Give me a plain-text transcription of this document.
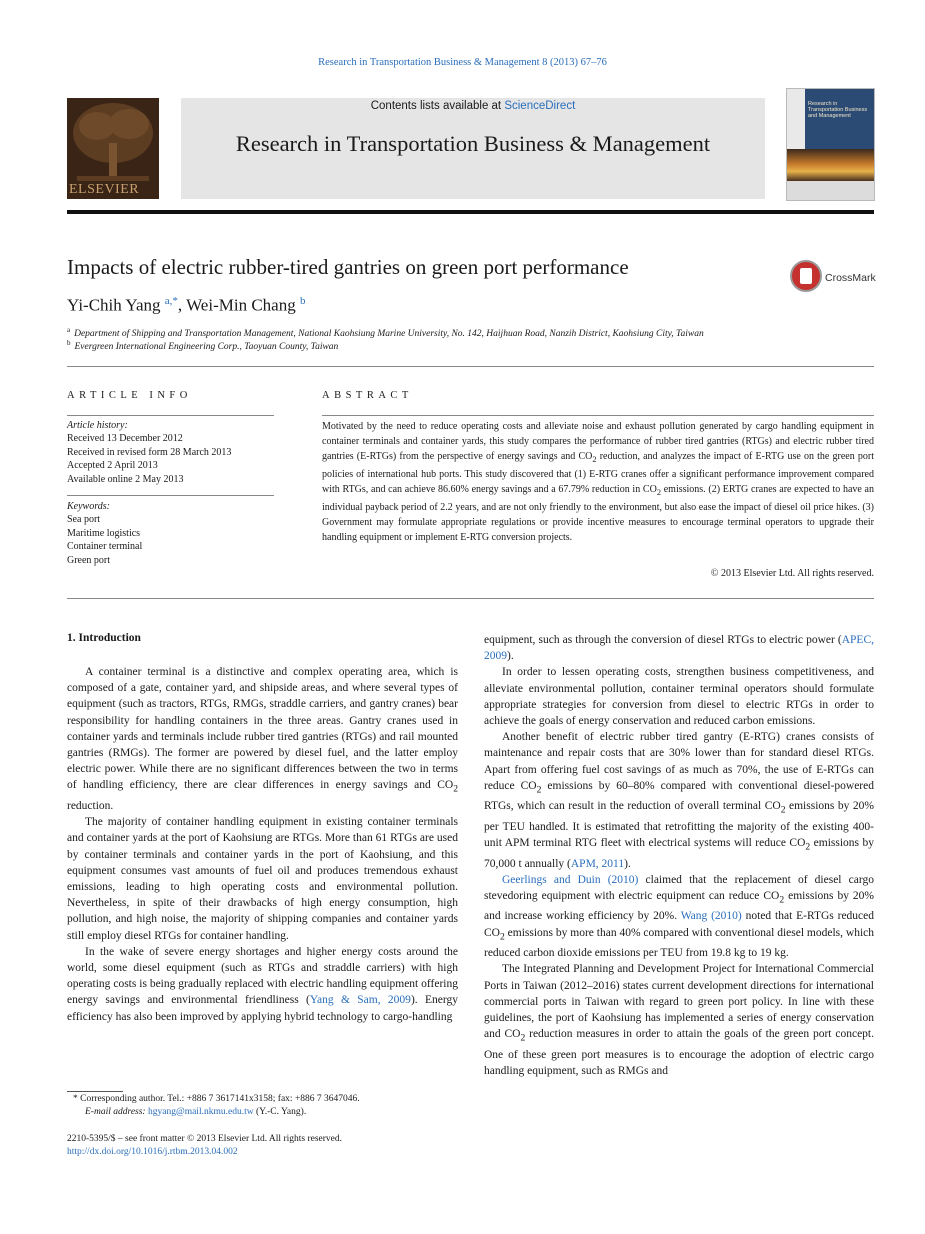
Research in Transportation Business & Management 8 (2013) 67–76
ELSEVIER
Contents lists available at ScienceDirect
Research in Transportation Business & Management
Research in
Transportation Business
and Management
Impacts of electric rubber-tired gantries on green port performance	CrossMark
Yi-Chih Yang $^{a,*}$, Wei-Min Chang $^b$
$^a$ Department of Shipping and Transportation Management, National Kaohsiung Marine University, No. 142, Haijhuan Road, Nanzih District, Kaohsiung City, Taiwan
$^b$ Evergreen International Engineering Corp., Taoyuan County, Taiwan
ARTICLE INFO	ABSTRACT
Article history:
Received 13 December 2012
Received in revised form 28 March 2013
Accepted 2 April 2013
Available online 2 May 2013
Keywords:
Sea port
Maritime logistics
Container terminal
Green port
Motivated by the need to reduce operating costs and alleviate noise and exhaust pollution generated by cargo handling equipment in container terminals and container yards, this study compares the performance of rubber tired gantries (RTGs) and electric rubber tired gantries (E-RTGs) from the perspective of energy savings and $CO_2$ reduction, and analyzes the impact of E-RTG use on the green port policies of international hub ports. This study discovered that (1) E-RTG cranes offer a significant performance improvement compared with RTGs, and can achieve 86.60% energy savings and a 67.79% reduction in $CO_2$ emissions. (2) ERTG cranes are expected to have an individual payback period of 2.2 years, and are not only friendly to the environment, but also ease the impact of diesel oil price hikes. (3) Government may formulate appropriate regulations or provide incentive measures to encourage terminal operators to upgrade their handling equipment or implement E-RTG conversion projects.
© 2013 Elsevier Ltd. All rights reserved.
1. Introduction

A container terminal is a distinctive and complex operating area, which is composed of a gate, container yard, and shipside areas, and where several types of equipment (such as tractors, RTGs, RMGs, straddle carriers, and gantry cranes) bear responsibility for handling containers in the three areas. Gantry cranes used in container yards and terminals include rubber tired gantries (RTGs) and rail mounted gantries (RMGs). The former are powered by diesel fuel, and the latter employ electric power. While there are no significant differences between the two in terms of handling efficiency, there are clear differences in energy savings and $CO_2$ reduction.

The majority of container handling equipment in existing container terminals and container yards at the port of Kaohsiung are RTGs. More than 61 RTGs are used by container terminals and container yards in the port of Kaohsiung, and this equipment consumes vast amounts of fuel oil and produces tremendous exhaust emissions, leading to high operating costs and environmental pollution. Nevertheless, in spite of their drawbacks of high energy consumption, high pollution, and high noise, the majority of shipping companies and container yards still employ diesel RTGs for container handling.

In the wake of severe energy shortages and higher energy costs around the world, some diesel equipment (such as RTGs and straddle carriers) with high operating costs is being gradually replaced with electric handling equipment offering energy savings and environmental friendliness (Yang & Sam, 2009). Energy efficiency has also been improved by applying hybrid technology to cargo-handling

equipment, such as through the conversion of diesel RTGs to electric power (APEC, 2009).

In order to lessen operating costs, strengthen business competitiveness, and alleviate environmental pollution, container terminal operators should formulate appropriate strategies for conversion from diesel to electric RTGs in order to achieve the goals of energy conservation and reduced carbon emissions.

Another benefit of electric rubber tired gantry (E-RTG) cranes consists of maintenance and repair costs that are 30% lower than for standard diesel RTGs. Apart from offering fuel cost savings of as much as 70%, the use of E-RTGs can reduce $CO_2$ emissions by 60–80% compared with conventional diesel-powered RTGs, which can result in the reduction of overall terminal $CO_2$ emissions by 20% per TEU handled. It is estimated that retrofitting the majority of the existing 400-unit APM terminal RTG fleet with electrical systems will reduce $CO_2$ emissions by 70,000 t annually (APM, 2011).

Geerlings and Duin (2010) claimed that the replacement of diesel cargo stevedoring equipment with electric equipment can reduce $CO_2$ emissions by 20% and increase working efficiency by 20%. Wang (2010) noted that E-RTGs reduced $CO_2$ emissions by more than 40% compared with conventional diesel models, which reduced carbon dioxide emissions per TEU from 19.8 kg to 19 kg.

The Integrated Planning and Development Project for International Commercial Ports in Taiwan (2012–2016) states current development directions for international commercial ports in Taiwan with regard to green port policy. In line with these guidelines, the port of Kaohsiung has implemented a series of energy conservation and $CO_2$ reduction measures in order to attain the goals of the green port concept. One of these green port measures is to encourage the adoption of electric cargo handling equipment, such as RMGs and

* Corresponding author. Tel.: +886 7 3617141x3158; fax: +886 7 3647046.
E-mail address: hgyang@mail.nkmu.edu.tw (Y.-C. Yang).
2210-5395/$ – see front matter © 2013 Elsevier Ltd. All rights reserved.
http://dx.doi.org/10.1016/j.rtbm.2013.04.002
